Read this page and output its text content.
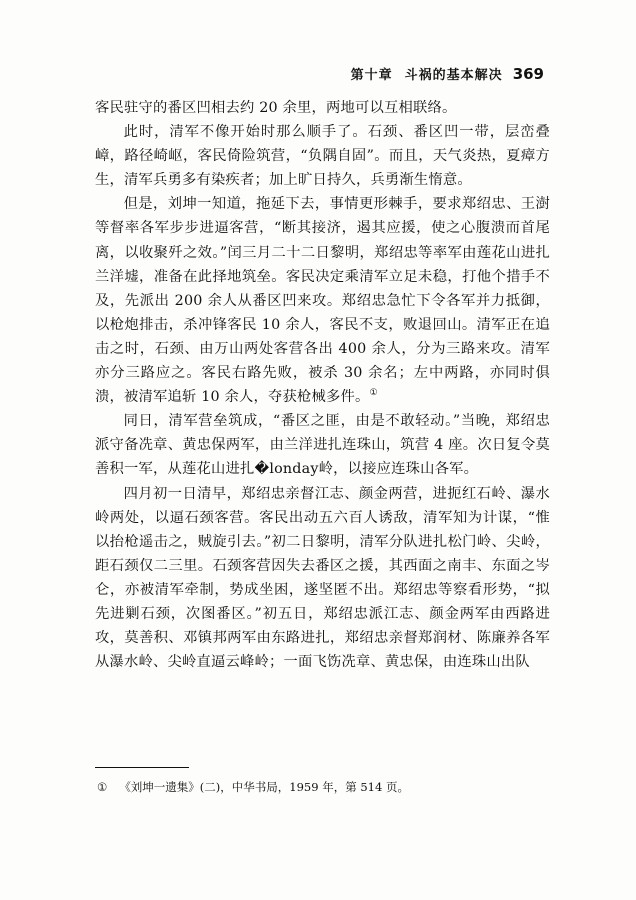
第十章 斗祸的基本解决 369

客民驻守的番区凹相去约 20 余里，两地可以互相联络。

此时，清军不像开始时那么顺手了。石颈、番区凹一带，层峦叠嶂，路径崎岖，客民倚险筑营，“负隅自固”。而且，天气炎热，夏瘴方生，清军兵勇多有染疾者；加上旷日持久，兵勇渐生惰意。

但是，刘坤一知道，拖延下去，事情更形棘手，要求郑绍忠、王澍等督率各军步步进逼客营，“断其接济，遏其应援，使之心腹溃而首尾离，以收聚歼之效。”闰三月二十二日黎明，郑绍忠等率军由莲花山进扎兰洋墟，准备在此择地筑垒。客民决定乘清军立足未稳，打他个措手不及，先派出 200 余人从番区凹来攻。郑绍忠急忙下令各军并力抵御，以枪炮排击，杀冲锋客民 10 余人，客民不支，败退回山。清军正在追击之时，石颈、由万山两处客营各出 400 余人，分为三路来攻。清军亦分三路应之。客民右路先败，被杀 30 余名；左中两路，亦同时俱溃，被清军追斩 10 余人，夺获枪械多件。①

同日，清军营垒筑成，“番区之匪，由是不敢轻动。”当晚，郑绍忠派守备冼章、黄忠保两军，由兰洋进扎连珠山，筑营 4 座。次日复令莫善积一军，从莲花山进扎�londay岭，以接应连珠山各军。

四月初一日清早，郑绍忠亲督江志、颜金两营，进扼红石岭、瀑水岭两处，以逼石颈客营。客民出动五六百人诱敌，清军知为计谋，“惟以抬枪遥击之，贼旋引去。”初二日黎明，清军分队进扎松门岭、尖岭，距石颈仅二三里。石颈客营因失去番区之援，其西面之南丰、东面之岑仑，亦被清军牵制，势成坐困，遂坚匿不出。郑绍忠等察看形势，“拟先进剿石颈，次图番区。”初五日，郑绍忠派江志、颜金两军由西路进攻，莫善积、邓镇邦两军由东路进扎，郑绍忠亲督郑润材、陈廉养各军从瀑水岭、尖岭直逼云峰岭；一面飞饬冼章、黄忠保，由连珠山出队

① 《刘坤一遗集》(二)，中华书局，1959 年，第 514 页。
